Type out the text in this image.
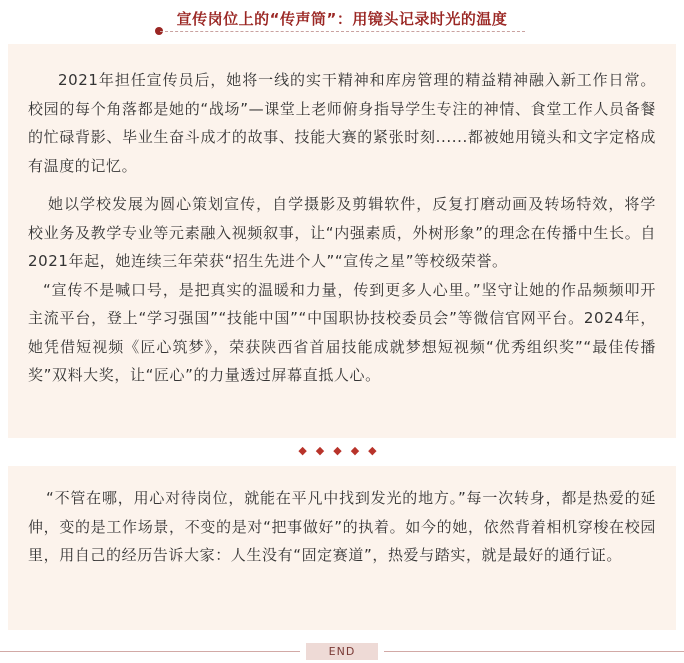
宣传岗位上的“传声筒”：用镜头记录时光的温度

2021年担任宣传员后，她将一线的实干精神和库房管理的精益精神融入新工作日常。校园的每个角落都是她的“战场”—课堂上老师俯身指导学生专注的神情、食堂工作人员备餐的忙碌背影、毕业生奋斗成才的故事、技能大赛的紧张时刻......都被她用镜头和文字定格成有温度的记忆。

她以学校发展为圆心策划宣传，自学摄影及剪辑软件，反复打磨动画及转场特效，将学校业务及教学专业等元素融入视频叙事，让“内强素质，外树形象”的理念在传播中生长。自2021年起，她连续三年荣获“招生先进个人”“宣传之星”等校级荣誉。

“宣传不是喊口号，是把真实的温暖和力量，传到更多人心里。”坚守让她的作品频频叩开主流平台，登上“学习强国”“技能中国”“中国职协技校委员会”等微信官网平台。2024年，她凭借短视频《匠心筑梦》，荣获陕西省首届技能成就梦想短视频“优秀组织奖”“最佳传播奖”双料大奖，让“匠心”的力量透过屏幕直抵人心。

◆◆◆◆◆

“不管在哪，用心对待岗位，就能在平凡中找到发光的地方。”每一次转身，都是热爱的延伸，变的是工作场景，不变的是对“把事做好”的执着。如今的她，依然背着相机穿梭在校园里，用自己的经历告诉大家：人生没有“固定赛道”，热爱与踏实，就是最好的通行证。

END
